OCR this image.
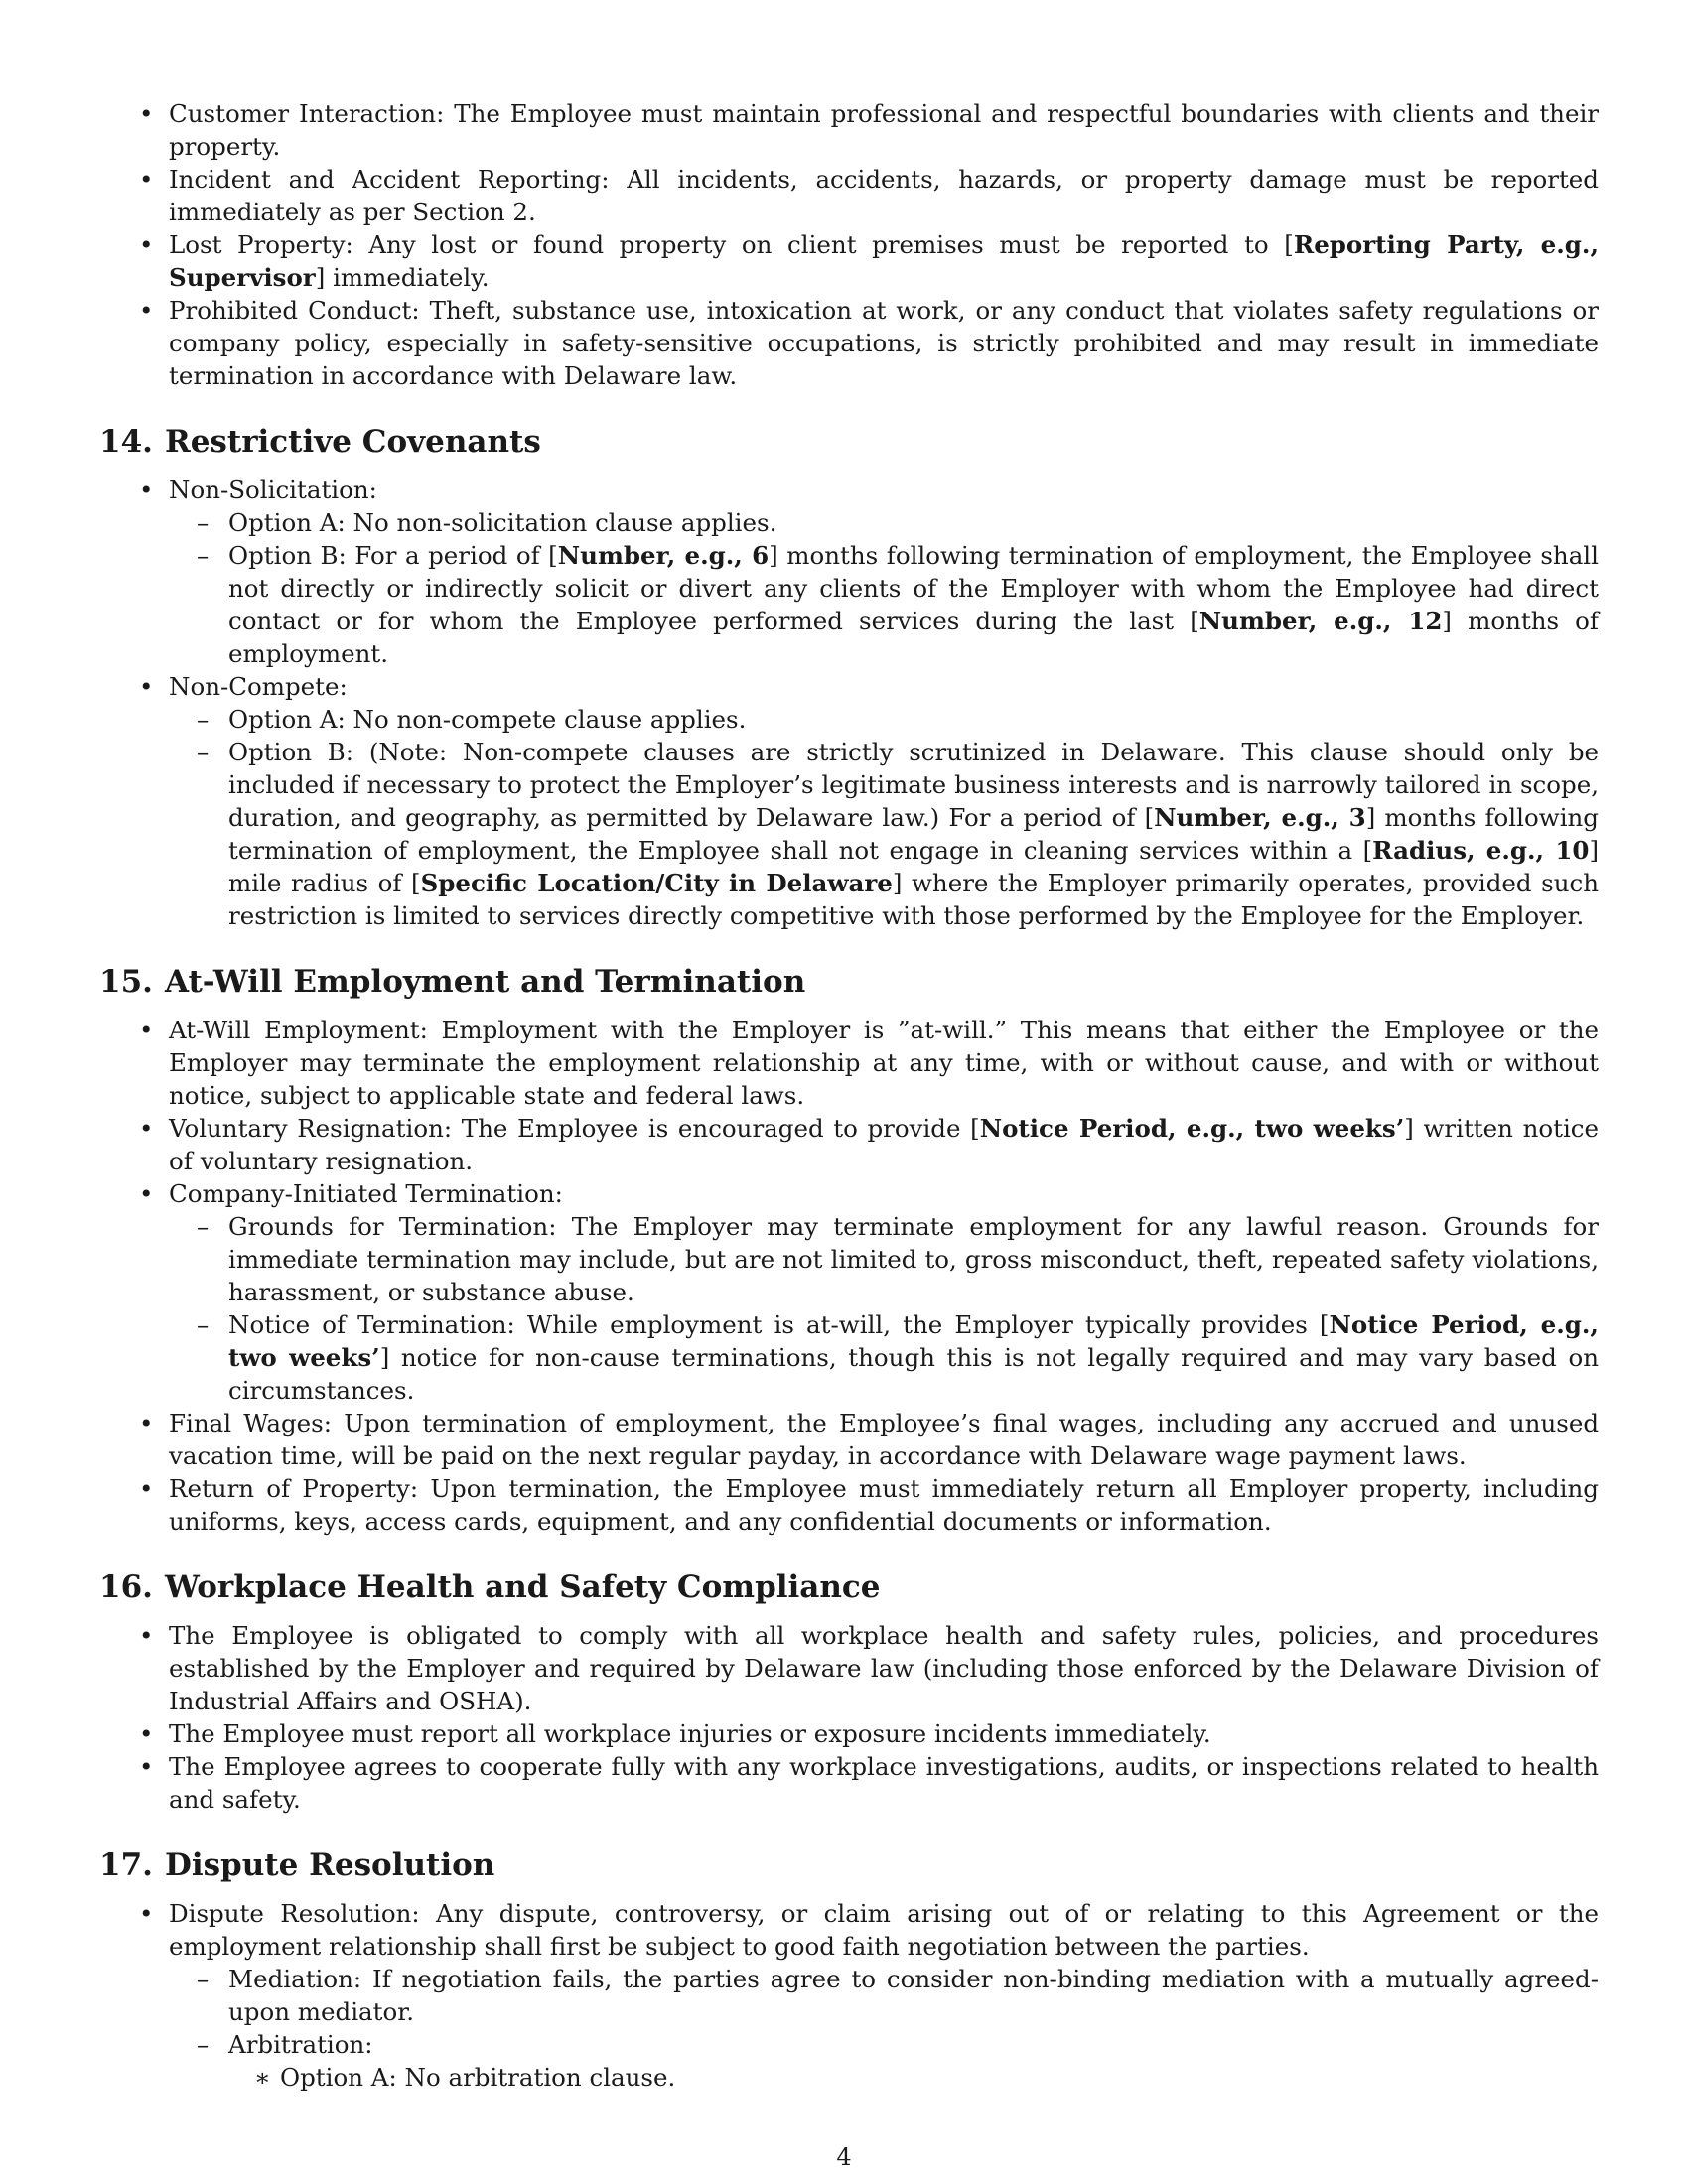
• Customer Interaction: The Employee must maintain professional and respectful boundaries with clients and their property.
• Incident and Accident Reporting: All incidents, accidents, hazards, or property damage must be reported immediately as per Section 2.
• Lost Property: Any lost or found property on client premises must be reported to [Reporting Party, e.g., Supervisor] immediately.
• Prohibited Conduct: Theft, substance use, intoxication at work, or any conduct that violates safety regulations or company policy, especially in safety-sensitive occupations, is strictly prohibited and may result in immediate termination in accordance with Delaware law.
14. Restrictive Covenants
• Non-Solicitation:
– Option A: No non-solicitation clause applies.
– Option B: For a period of [Number, e.g., 6] months following termination of employment, the Employee shall not directly or indirectly solicit or divert any clients of the Employer with whom the Employee had direct contact or for whom the Employee performed services during the last [Number, e.g., 12] months of employment.
• Non-Compete:
– Option A: No non-compete clause applies.
– Option B: (Note: Non-compete clauses are strictly scrutinized in Delaware. This clause should only be included if necessary to protect the Employer’s legitimate business interests and is narrowly tailored in scope, duration, and geography, as permitted by Delaware law.) For a period of [Number, e.g., 3] months following termination of employment, the Employee shall not engage in cleaning services within a [Radius, e.g., 10] mile radius of [Specific Location/City in Delaware] where the Employer primarily operates, provided such restriction is limited to services directly competitive with those performed by the Employee for the Employer.
15. At-Will Employment and Termination
• At-Will Employment: Employment with the Employer is ”at-will.” This means that either the Employee or the Employer may terminate the employment relationship at any time, with or without cause, and with or without notice, subject to applicable state and federal laws.
• Voluntary Resignation: The Employee is encouraged to provide [Notice Period, e.g., two weeks’] written notice of voluntary resignation.
• Company-Initiated Termination:
– Grounds for Termination: The Employer may terminate employment for any lawful reason. Grounds for immediate termination may include, but are not limited to, gross misconduct, theft, repeated safety violations, harassment, or substance abuse.
– Notice of Termination: While employment is at-will, the Employer typically provides [Notice Period, e.g., two weeks’] notice for non-cause terminations, though this is not legally required and may vary based on circumstances.
• Final Wages: Upon termination of employment, the Employee’s final wages, including any accrued and unused vacation time, will be paid on the next regular payday, in accordance with Delaware wage payment laws.
• Return of Property: Upon termination, the Employee must immediately return all Employer property, including uniforms, keys, access cards, equipment, and any confidential documents or information.
16. Workplace Health and Safety Compliance
• The Employee is obligated to comply with all workplace health and safety rules, policies, and procedures established by the Employer and required by Delaware law (including those enforced by the Delaware Division of Industrial Affairs and OSHA).
• The Employee must report all workplace injuries or exposure incidents immediately.
• The Employee agrees to cooperate fully with any workplace investigations, audits, or inspections related to health and safety.
17. Dispute Resolution
• Dispute Resolution: Any dispute, controversy, or claim arising out of or relating to this Agreement or the employment relationship shall first be subject to good faith negotiation between the parties.
– Mediation: If negotiation fails, the parties agree to consider non-binding mediation with a mutually agreed-upon mediator.
– Arbitration:
∗ Option A: No arbitration clause.
4
